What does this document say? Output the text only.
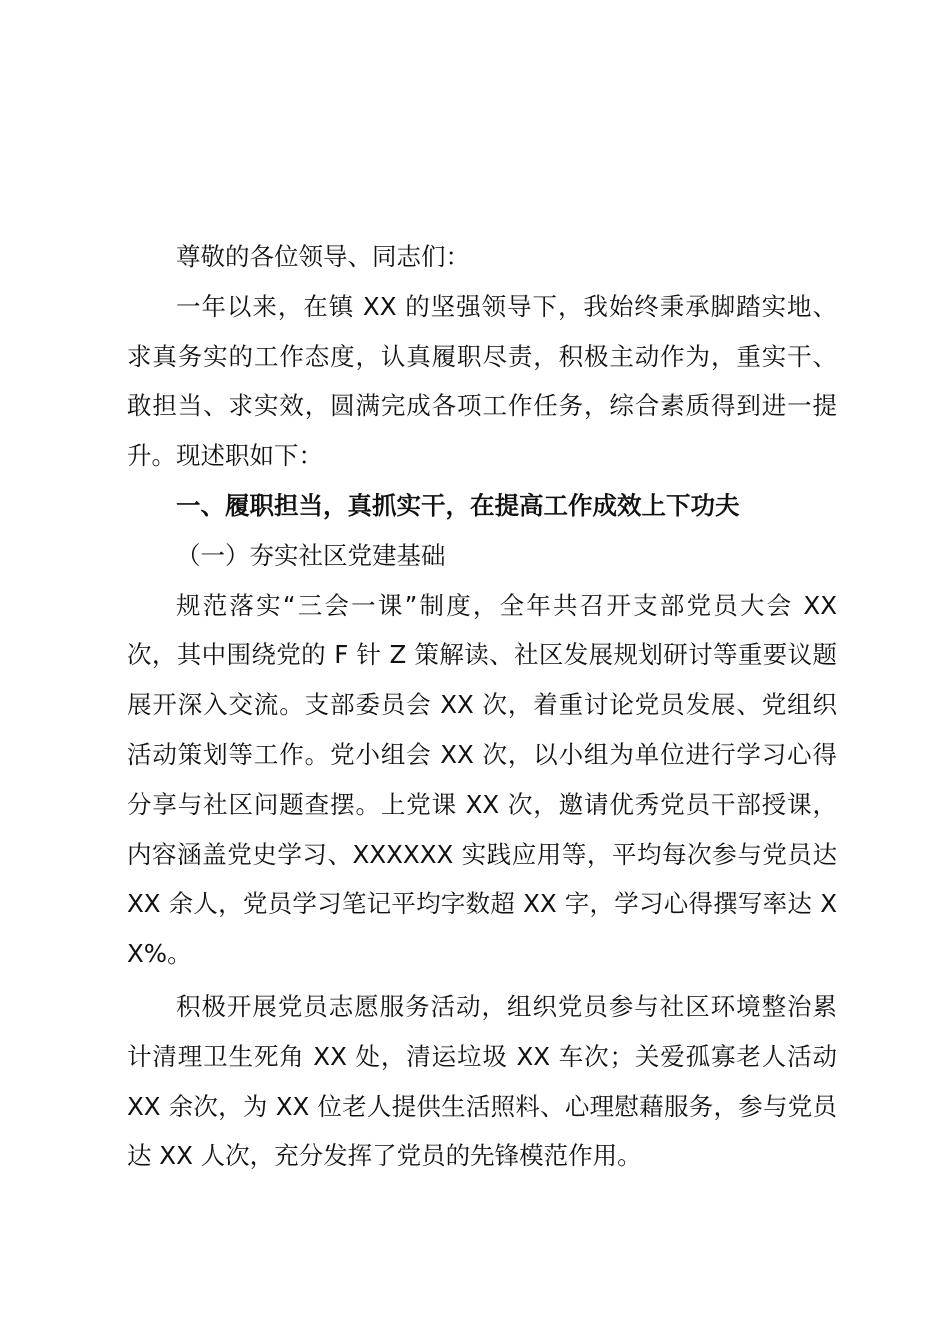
尊敬的各位领导、同志们：

一年以来，在镇 XX 的坚强领导下，我始终秉承脚踏实地、求真务实的工作态度，认真履职尽责，积极主动作为，重实干、敢担当、求实效，圆满完成各项工作任务，综合素质得到进一提升。现述职如下：

一、履职担当，真抓实干，在提高工作成效上下功夫

（一）夯实社区党建基础

规范落实“三会一课”制度，全年共召开支部党员大会 XX 次，其中围绕党的 F 针 Z 策解读、社区发展规划研讨等重要议题展开深入交流。支部委员会 XX 次，着重讨论党员发展、党组织活动策划等工作。党小组会 XX 次，以小组为单位进行学习心得分享与社区问题查摆。上党课 XX 次，邀请优秀党员干部授课，内容涵盖党史学习、XXXXXX 实践应用等，平均每次参与党员达 XX 余人，党员学习笔记平均字数超 XX 字，学习心得撰写率达 XX%。

积极开展党员志愿服务活动，组织党员参与社区环境整治累计清理卫生死角 XX 处，清运垃圾 XX 车次；关爱孤寡老人活动 XX 余次，为 XX 位老人提供生活照料、心理慰藉服务，参与党员达 XX 人次，充分发挥了党员的先锋模范作用。
